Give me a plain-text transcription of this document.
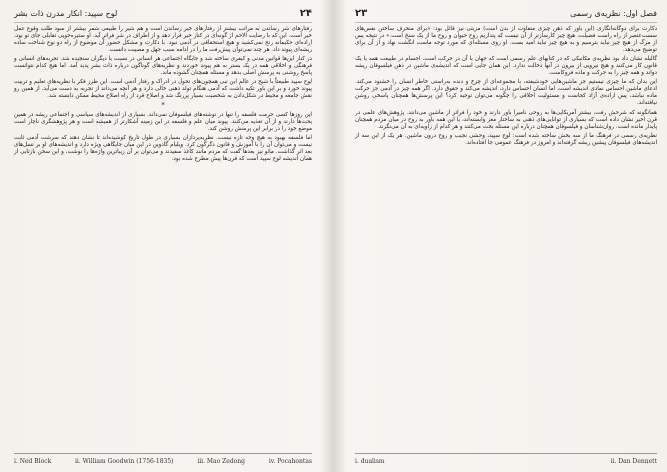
۲۴
لوح سپید: انکار مدرن ذات بشر

رفتارهای شر رساندن به مراتب بیشتر از رفتارهای خیر رساندن است و هم شیر را طبیعی شمر بیشتر از سود طلب وقوع عمل خیر است. این که با رضایت الاحم از گونه‌ای در کنار خیر قرار دهد و از اطراف در شر فراتر آید. او ستیزه‌جویی تقابلی جای تو بود، اراده‌ای حکیمانه رنج نمی‌کشید و هیچ استحقاقی در آدمی نبود. با دکارت و مشکل حضور آن موضوع از راه دو نوع شناخت ساده ریشه‌ای پیوند داد. هر چند نمی‌توان پیش‌رفت ما را در ادامه سبب جهل و مصیبت دانست.

در کنار این‌ها قوانین مدنی و کیفری ساخته شد و جایگاه اجتماعی هر انسانی در نسبت با دیگران سنجیده شد. تجربه‌های انسانی و فرهنگی و اخلاقی همه در یک بستر به هم پیوند خوردند و نظریه‌های گوناگون درباره ذات بشر پدید آمد. اما هیچ کدام نتوانست پاسخ روشنی به پرسش اصلی بدهد و مسئله همچنان گشوده ماند.

لوح سپید طبیعتاً با شیح در عالم این نبی همچون‌های تحول در ادراک و رفتار آدمی است. این طرز فکر با نظریه‌های تعلیم و تربیت پیوند خورد و بر این باور تکیه داشت که آدمی هنگام تولد ذهنی خالی دارد و هر آنچه می‌داند از تجربه به دست می‌آید. از همین رو نقش جامعه و محیط در شکل‌دادن به شخصیت بسیار پررنگ شد و اصلاح فرد از راه اصلاح محیط ممکن دانسته شد.

*

این روزها کسی حرمت فلسفه را تنها در نوشته‌های فیلسوفان نمی‌داند. بسیاری از اندیشه‌های سیاسی و اجتماعی ریشه در همین بحث‌ها دارند و از آن تغذیه می‌کنند. پیوند میان علم و فلسفه در این زمینه آشکارتر از همیشه است و هر پژوهشگری ناچار است موضع خود را در برابر این پرسش روشن کند.

اما فلسفه بهبود به هیچ وجه تازه نیست. نظریه‌پردازان بسیاری در طول تاریخ کوشیده‌اند تا نشان دهند که سرشت آدمی ثابت نیست و می‌توان آن را با آموزش و قانون دگرگون کرد. ویلیام گادوین در این میان جایگاهی ویژه دارد و اندیشه‌های او بر نسل‌های بعد اثر گذاشت. مائو نیز بعدها گفت که مردم مانند کاغذ سفیدند و می‌توان بر آن زیباترین واژه‌ها را نوشت، و این سخن بازتابی از همان اندیشه لوح سپید است که قرن‌ها پیش مطرح شده بود.

i. Ned Block	ii. William Goodwin (1756-1835)	iii. Mao Zedong	iv. Pocahontas
فصل اول: نظریه‌ی رسمی
۲۳

دکارت برای دوگانه‌انگاری (این باور که ذهن چیزی متفاوت از بدن است) مزیتی نیز قائل بود: «برای منحرف ساختن نفس‌های سست‌عنصر از راه راست فضیلت، هیچ چیز کارسازتر از آن نیست که پنداریم روح حیوان و روح ما از یک سنخ است.» در نتیجه پس از مرگ از هیچ چیز نباید بترسیم و به هیچ چیز نباید امید بست. او روی مسئله‌ای که مورد توجه ماست انگشت نهاد و از آن برای توضیح می‌دهد.

گالیله نشان داد بود نظریه‌ی مکانیکی که در کتابهای علم رسمی است که جهان با آن در حرکت است. اجسام در طبیعت همه با یک قانون کار می‌کنند و هیچ نیرویی از بیرون در آنها دخالت ندارد. این همان جایی است که اندیشه‌ی ماشین در ذهن فیلسوفان ریشه دواند و همه چیز را به حرکت و ماده فروکاست.

این بدان که ما چیزی نیستیم جز ماشین‌هایی خودشیفته، با مجموعه‌ای از چرخ و دنده به‌راستی خاطر انسان را خشنود می‌کند. ادعای ماشین احساس نمادی اندیشه است، اما انسان احساس دارد، اندیشه می‌کند و حقوق دارد. اگر همه چیز در آدمی جز حرکت ماده نباشد، پس اراده‌ی آزاد کجاست و مسئولیت اخلاقی را چگونه می‌توان توجیه کرد؟ این پرسش‌ها همچنان پاسخی روشن نیافته‌اند.

همانگونه که شرحش رفت، بیشتر آمریکایی‌ها به روحی نامیرا باور دارند و خود را فراتر از ماشین می‌دانند. پژوهش‌های علمی در قرن اخیر نشان داده است که بسیاری از توانایی‌های ذهنی به ساختار مغز وابسته‌اند، با این همه باور به روح در میان مردم همچنان پایدار مانده است. روان‌شناسان و فیلسوفان همچنان درباره این مسئله بحث می‌کنند و هر کدام از زاویه‌ای به آن می‌نگرند.

نظریه‌ی رسمی در فرهنگ ما از سه بخش ساخته شده است: لوح سپید، وحشی نجیب و روح درون ماشین. هر یک از این سه از اندیشه‌های فیلسوفان پیشین ریشه گرفته‌اند و امروز در فرهنگ عمومی جا افتاده‌اند.

i. dualism	ii. Dan Dennett
